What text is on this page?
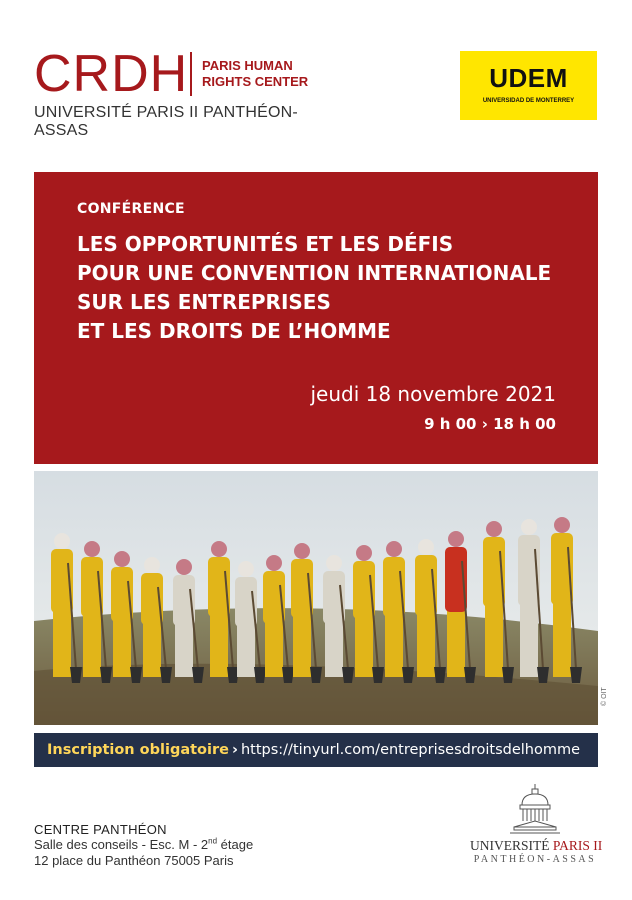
CRDH PARIS HUMAN
RIGHTS CENTER
UNIVERSITÉ PARIS II PANTHÉON-ASSAS
UDEM
UNIVERSIDAD DE MONTERREY
CONFÉRENCE
LES OPPORTUNITÉS ET LES DÉFIS
POUR UNE CONVENTION INTERNATIONALE
SUR LES ENTREPRISES
ET LES DROITS DE L’HOMME
jeudi 18 novembre 2021
9 h 00 › 18 h 00
© OIT
Inscription obligatoire › https://tinyurl.com/entreprisesdroitsdelhomme
CENTRE PANTHÉON
Salle des conseils - Esc. M - 2nd étage
12 place du Panthéon 75005 Paris
UNIVERSITÉ PARIS II
PANTHÉON-ASSAS
